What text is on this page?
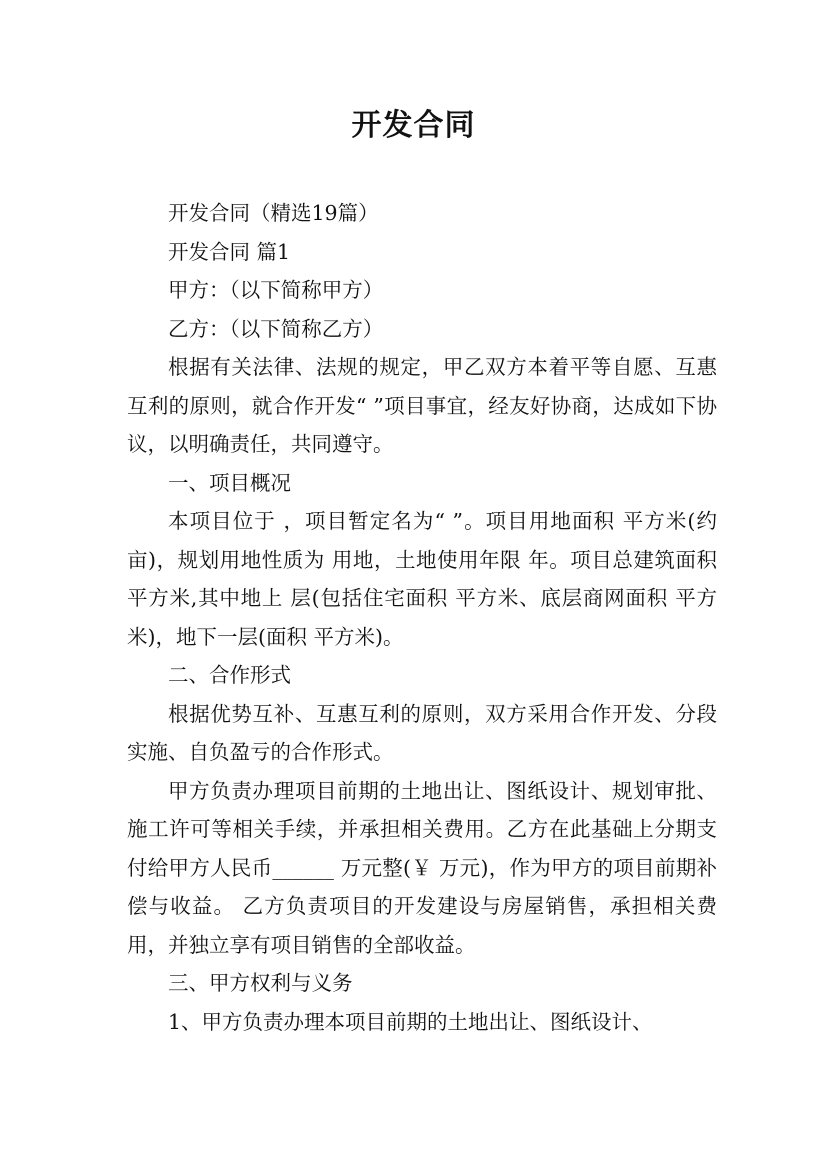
开发合同

开发合同（精选19篇）

开发合同 篇1

甲方：（以下简称甲方）

乙方：（以下简称乙方）

根据有关法律、法规的规定，甲乙双方本着平等自愿、互惠互利的原则，就合作开发“ ”项目事宜，经友好协商，达成如下协议，以明确责任，共同遵守。

一、项目概况

本项目位于 ，项目暂定名为“ ”。项目用地面积 平方米(约 亩)，规划用地性质为 用地，土地使用年限 年。项目总建筑面积 平方米,其中地上 层(包括住宅面积 平方米、底层商网面积 平方米)，地下一层(面积 平方米)。

二、合作形式

根据优势互补、互惠互利的原则，双方采用合作开发、分段实施、自负盈亏的合作形式。

甲方负责办理项目前期的土地出让、图纸设计、规划审批、施工许可等相关手续，并承担相关费用。乙方在此基础上分期支付给甲方人民币______ 万元整(￥ 万元)，作为甲方的项目前期补偿与收益。 乙方负责项目的开发建设与房屋销售，承担相关费用，并独立享有项目销售的全部收益。

三、甲方权利与义务

1、甲方负责办理本项目前期的土地出让、图纸设计、
